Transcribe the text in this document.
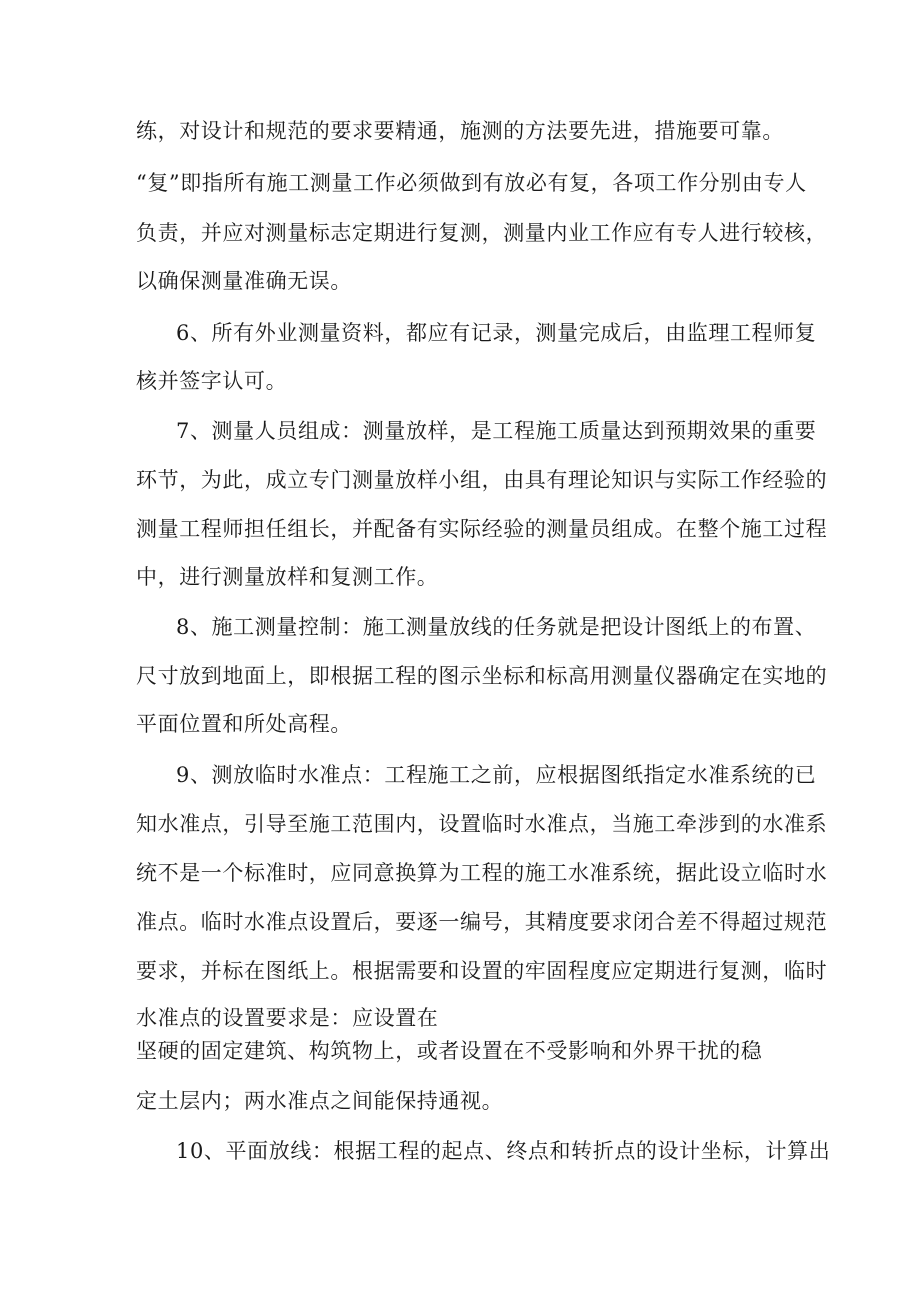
练，对设计和规范的要求要精通，施测的方法要先进，措施要可靠。
“复”即指所有施工测量工作必须做到有放必有复，各项工作分别由专人
负责，并应对测量标志定期进行复测，测量内业工作应有专人进行较核，
以确保测量准确无误。
6、所有外业测量资料，都应有记录，测量完成后，由监理工程师复
核并签字认可。
7、测量人员组成：测量放样，是工程施工质量达到预期效果的重要
环节，为此，成立专门测量放样小组，由具有理论知识与实际工作经验的
测量工程师担任组长，并配备有实际经验的测量员组成。在整个施工过程
中，进行测量放样和复测工作。
8、施工测量控制：施工测量放线的任务就是把设计图纸上的布置、
尺寸放到地面上，即根据工程的图示坐标和标高用测量仪器确定在实地的
平面位置和所处高程。
9、测放临时水准点：工程施工之前，应根据图纸指定水准系统的已
知水准点，引导至施工范围内，设置临时水准点，当施工牵涉到的水准系
统不是一个标准时，应同意换算为工程的施工水准系统，据此设立临时水
准点。临时水准点设置后，要逐一编号，其精度要求闭合差不得超过规范
要求，并标在图纸上。根据需要和设置的牢固程度应定期进行复测，临时
水准点的设置要求是：应设置在
坚硬的固定建筑、构筑物上，或者设置在不受影响和外界干扰的稳
定土层内；两水准点之间能保持通视。
10、平面放线：根据工程的起点、终点和转折点的设计坐标，计算出
